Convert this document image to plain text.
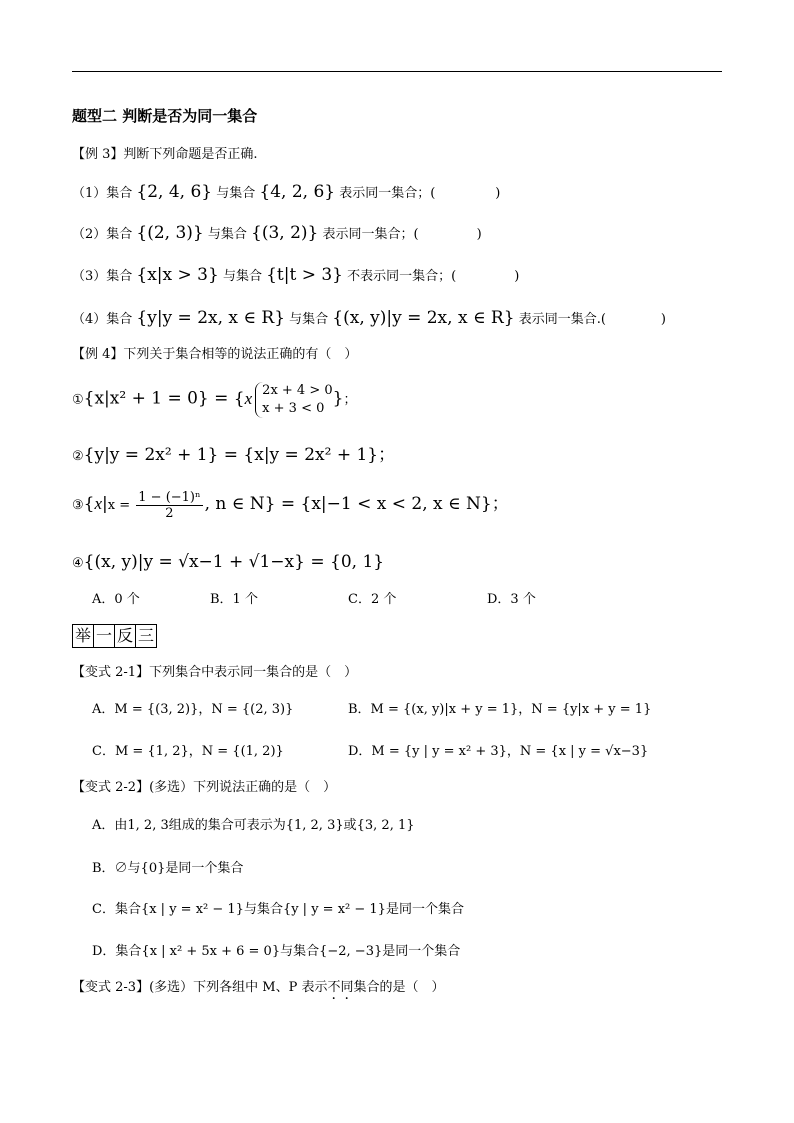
题型二 判断是否为同一集合
【例 3】判断下列命题是否正确.
（1）集合 {2, 4, 6} 与集合 {4, 2, 6} 表示同一集合；(	)
（2）集合 {(2, 3)} 与集合 {(3, 2)} 表示同一集合；(	)
（3）集合 {x|x > 3} 与集合 {t|t > 3} 不表示同一集合；(	)
（4）集合 {y|y = 2x, x ∈ R} 与集合 {(x, y)|y = 2x, x ∈ R} 表示同一集合.(	)
【例 4】下列关于集合相等的说法正确的有（　）
①{x|x² + 1 = 0} = {x 2x + 4 > 0
x + 3 < 0 }；
②{y|y = 2x² + 1} = {x|y = 2x² + 1}；
③{x|x = $\frac{\text{1 − (−1)ⁿ}}{2}$ , n ∈ N} = {x|−1 < x < 2, x ∈ N}；
④{(x, y)|y = √x−1 + √1−x} = {0, 1}
A．0 个	B．1 个	C．2 个	D．3 个
举 一 反 三
【变式 2-1】下列集合中表示同一集合的是（　）
A．M = {(3, 2)}，N = {(2, 3)}	B．M = {(x, y)|x + y = 1}，N = {y|x + y = 1}
C．M = {1, 2}，N = {(1, 2)}	D．M = {y | y = x² + 3}，N = {x | y = √x−3}
【变式 2-2】(多选）下列说法正确的是（　）
A．由1, 2, 3组成的集合可表示为{1, 2, 3}或{3, 2, 1}
B．∅与{0}是同一个集合
C．集合{x | y = x² − 1}与集合{y | y = x² − 1}是同一个集合
D．集合{x | x² + 5x + 6 = 0}与集合{−2, −3}是同一个集合
【变式 2-3】(多选）下列各组中 M、P 表示不同集合的是（　）
